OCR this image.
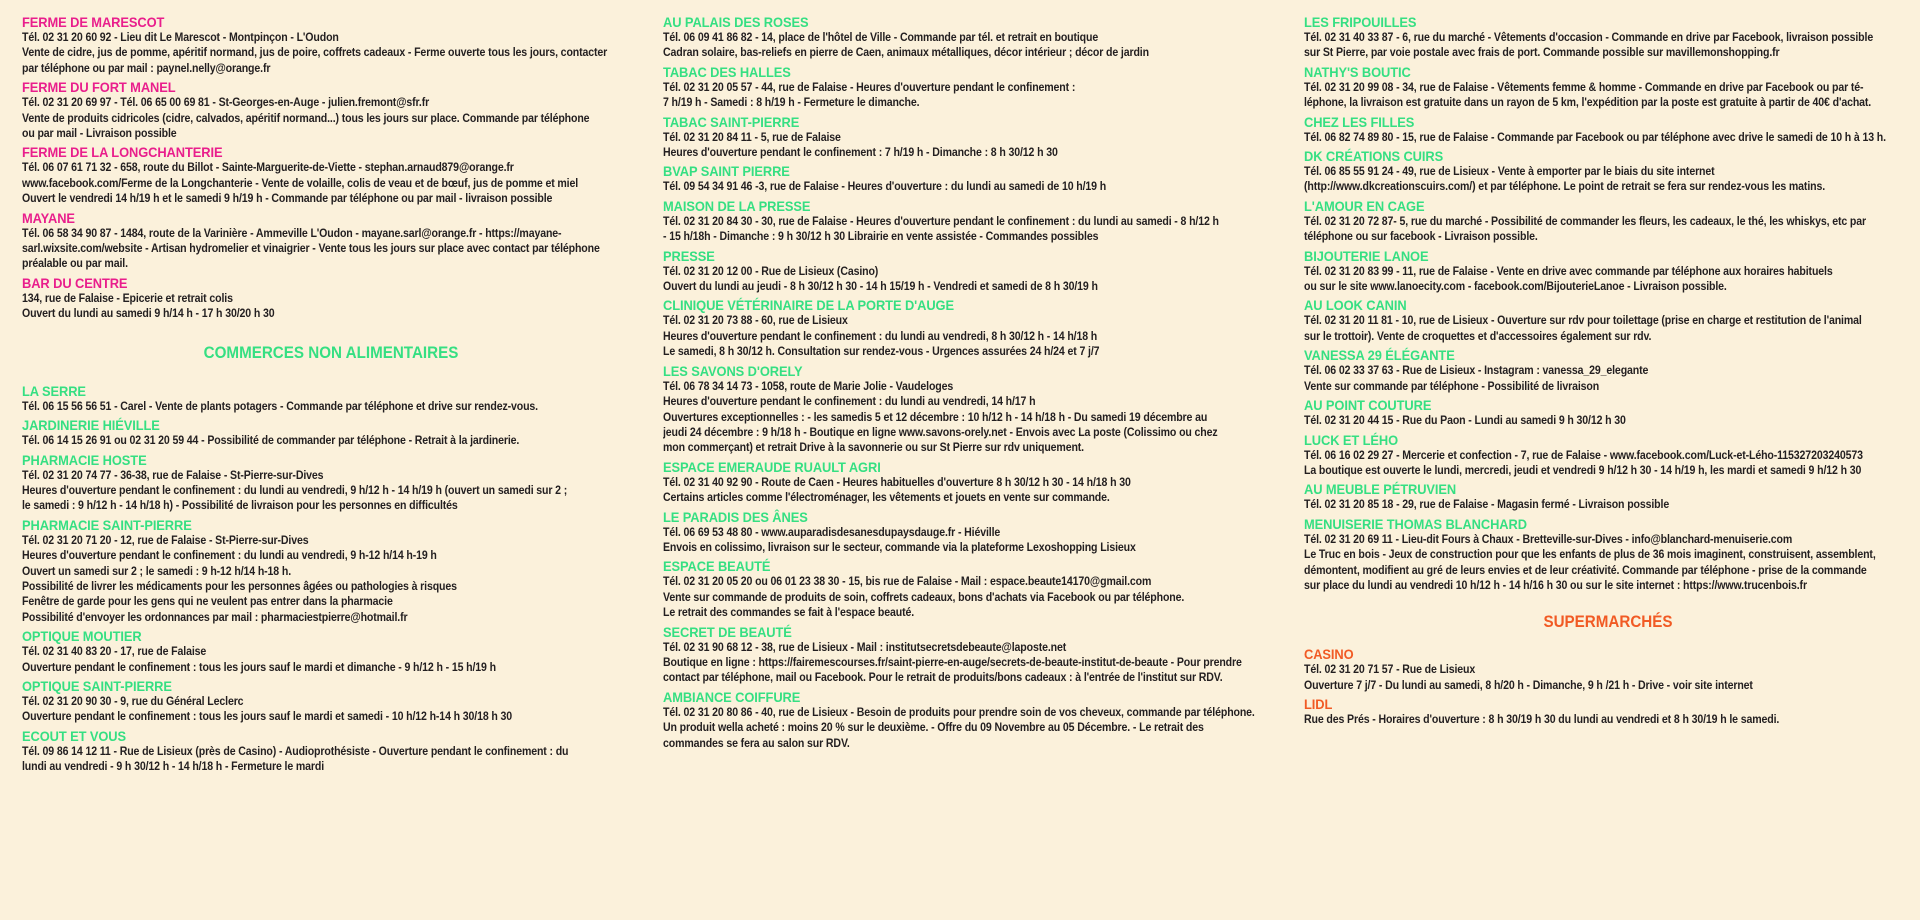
FERME DE MARESCOT
Tél. 02 31 20 60 92 - Lieu dit Le Marescot - Montpinçon - L'Oudon
Vente de cidre, jus de pomme, apéritif normand, jus de poire, coffrets cadeaux - Ferme ouverte tous les jours, contacter
par téléphone ou par mail : paynel.nelly@orange.fr
FERME DU FORT MANEL
Tél. 02 31 20 69 97 - Tél. 06 65 00 69 81 - St-Georges-en-Auge - julien.fremont@sfr.fr
Vente de produits cidricoles (cidre, calvados, apéritif normand...) tous les jours sur place. Commande par téléphone
ou par mail - Livraison possible
FERME DE LA LONGCHANTERIE
Tél. 06 07 61 71 32 - 658, route du Billot - Sainte-Marguerite-de-Viette - stephan.arnaud879@orange.fr
www.facebook.com/Ferme de la Longchanterie - Vente de volaille, colis de veau et de bœuf, jus de pomme et miel
Ouvert le vendredi 14 h/19 h et le samedi 9 h/19 h - Commande par téléphone ou par mail - livraison possible
MAYANE
Tél. 06 58 34 90 87 - 1484, route de la Varinière - Ammeville L'Oudon - mayane.sarl@orange.fr - https://mayane-
sarl.wixsite.com/website - Artisan hydromelier et vinaigrier - Vente tous les jours sur place avec contact par téléphone
préalable ou par mail.
BAR DU CENTRE
134, rue de Falaise - Epicerie et retrait colis
Ouvert du lundi au samedi 9 h/14 h - 17 h 30/20 h 30
COMMERCES NON ALIMENTAIRES
LA SERRE
Tél. 06 15 56 56 51 - Carel - Vente de plants potagers - Commande par téléphone et drive sur rendez-vous.
JARDINERIE HIÉVILLE
Tél. 06 14 15 26 91 ou 02 31 20 59 44 - Possibilité de commander par téléphone - Retrait à la jardinerie.
PHARMACIE HOSTE
Tél. 02 31 20 74 77 - 36-38, rue de Falaise - St-Pierre-sur-Dives
Heures d'ouverture pendant le confinement : du lundi au vendredi, 9 h/12 h - 14 h/19 h (ouvert un samedi sur 2 ;
le samedi : 9 h/12 h - 14 h/18 h) - Possibilité de livraison pour les personnes en difficultés
PHARMACIE SAINT-PIERRE
Tél. 02 31 20 71 20 - 12, rue de Falaise - St-Pierre-sur-Dives
Heures d'ouverture pendant le confinement : du lundi au vendredi, 9 h-12 h/14 h-19 h
Ouvert un samedi sur 2 ; le samedi : 9 h-12 h/14 h-18 h.
Possibilité de livrer les médicaments pour les personnes âgées ou pathologies à risques
Fenêtre de garde pour les gens qui ne veulent pas entrer dans la pharmacie
Possibilité d'envoyer les ordonnances par mail : pharmaciestpierre@hotmail.fr
OPTIQUE MOUTIER
Tél. 02 31 40 83 20 - 17, rue de Falaise
Ouverture pendant le confinement : tous les jours sauf le mardi et dimanche - 9 h/12 h - 15 h/19 h
OPTIQUE SAINT-PIERRE
Tél. 02 31 20 90 30 - 9, rue du Général Leclerc
Ouverture pendant le confinement : tous les jours sauf le mardi et samedi - 10 h/12 h-14 h 30/18 h 30
ECOUT ET VOUS
Tél. 09 86 14 12 11 - Rue de Lisieux (près de Casino) - Audioprothésiste - Ouverture pendant le confinement : du
lundi au vendredi - 9 h 30/12 h - 14 h/18 h - Fermeture le mardi
AU PALAIS DES ROSES
Tél. 06 09 41 86 82 - 14, place de l'hôtel de Ville - Commande par tél. et retrait en boutique
Cadran solaire, bas-reliefs en pierre de Caen, animaux métalliques, décor intérieur ; décor de jardin
TABAC DES HALLES
Tél. 02 31 20 05 57 - 44, rue de Falaise - Heures d'ouverture pendant le confinement :
7 h/19 h - Samedi : 8 h/19 h - Fermeture le dimanche.
TABAC SAINT-PIERRE
Tél. 02 31 20 84 11 - 5, rue de Falaise
Heures d'ouverture pendant le confinement : 7 h/19 h - Dimanche : 8 h 30/12 h 30
BVAP SAINT PIERRE
Tél. 09 54 34 91 46 -3, rue de Falaise - Heures d'ouverture : du lundi au samedi de 10 h/19 h
MAISON DE LA PRESSE
Tél. 02 31 20 84 30 - 30, rue de Falaise - Heures d'ouverture pendant le confinement : du lundi au samedi - 8 h/12 h
- 15 h/18h - Dimanche : 9 h 30/12 h 30 Librairie en vente assistée - Commandes possibles
PRESSE
Tél. 02 31 20 12 00 - Rue de Lisieux (Casino)
Ouvert du lundi au jeudi - 8 h 30/12 h 30 - 14 h 15/19 h - Vendredi et samedi de 8 h 30/19 h
CLINIQUE VÉTÉRINAIRE DE LA PORTE D'AUGE
Tél. 02 31 20 73 88 - 60, rue de Lisieux
Heures d'ouverture pendant le confinement : du lundi au vendredi, 8 h 30/12 h - 14 h/18 h
Le samedi, 8 h 30/12 h. Consultation sur rendez-vous - Urgences assurées 24 h/24 et 7 j/7
LES SAVONS D'ORELY
Tél. 06 78 34 14 73 - 1058, route de Marie Jolie - Vaudeloges
Heures d'ouverture pendant le confinement : du lundi au vendredi, 14 h/17 h
Ouvertures exceptionnelles : - les samedis 5 et 12 décembre : 10 h/12 h - 14 h/18 h - Du samedi 19 décembre au
jeudi 24 décembre : 9 h/18 h - Boutique en ligne www.savons-orely.net - Envois avec La poste (Colissimo ou chez
mon commerçant) et retrait Drive à la savonnerie ou sur St Pierre sur rdv uniquement.
ESPACE EMERAUDE RUAULT AGRI
Tél. 02 31 40 92 90 - Route de Caen - Heures habituelles d'ouverture 8 h 30/12 h 30 - 14 h/18 h 30
Certains articles comme l'électroménager, les vêtements et jouets en vente sur commande.
LE PARADIS DES ÂNES
Tél. 06 69 53 48 80 - www.auparadisdesanesdupaysdauge.fr - Hiéville
Envois en colissimo, livraison sur le secteur, commande via la plateforme Lexoshopping Lisieux
ESPACE BEAUTÉ
Tél. 02 31 20 05 20 ou 06 01 23 38 30 - 15, bis rue de Falaise - Mail : espace.beaute14170@gmail.com
Vente sur commande de produits de soin, coffrets cadeaux, bons d'achats via Facebook ou par téléphone.
Le retrait des commandes se fait à l'espace beauté.
SECRET DE BEAUTÉ
Tél. 02 31 90 68 12 - 38, rue de Lisieux - Mail : institutsecretsdebeaute@laposte.net
Boutique en ligne : https://fairemescourses.fr/saint-pierre-en-auge/secrets-de-beaute-institut-de-beaute - Pour prendre
contact par téléphone, mail ou Facebook. Pour le retrait de produits/bons cadeaux : à l'entrée de l'institut sur RDV.
AMBIANCE COIFFURE
Tél. 02 31 20 80 86 - 40, rue de Lisieux - Besoin de produits pour prendre soin de vos cheveux, commande par téléphone.
Un produit wella acheté : moins 20 % sur le deuxième. - Offre du 09 Novembre au 05 Décembre. - Le retrait des
commandes se fera au salon sur RDV.
LES FRIPOUILLES
Tél. 02 31 40 33 87 - 6, rue du marché - Vêtements d'occasion - Commande en drive par Facebook, livraison possible
sur St Pierre, par voie postale avec frais de port. Commande possible sur mavillemonshopping.fr
NATHY'S BOUTIC
Tél. 02 31 20 99 08 - 34, rue de Falaise - Vêtements femme & homme - Commande en drive par Facebook ou par té-
léphone, la livraison est gratuite dans un rayon de 5 km, l'expédition par la poste est gratuite à partir de 40€ d'achat.
CHEZ LES FILLES
Tél. 06 82 74 89 80 - 15, rue de Falaise - Commande par Facebook ou par téléphone avec drive le samedi de 10 h à 13 h.
DK CRÉATIONS CUIRS
Tél. 06 85 55 91 24 - 49, rue de Lisieux - Vente à emporter par le biais du site internet
(http://www.dkcreationscuirs.com/) et par téléphone. Le point de retrait se fera sur rendez-vous les matins.
L'AMOUR EN CAGE
Tél. 02 31 20 72 87- 5, rue du marché - Possibilité de commander les fleurs, les cadeaux, le thé, les whiskys, etc par
téléphone ou sur facebook - Livraison possible.
BIJOUTERIE LANOE
Tél. 02 31 20 83 99 - 11, rue de Falaise - Vente en drive avec commande par téléphone aux horaires habituels
ou sur le site www.lanoecity.com - facebook.com/BijouterieLanoe - Livraison possible.
AU LOOK CANIN
Tél. 02 31 20 11 81 - 10, rue de Lisieux - Ouverture sur rdv pour toilettage (prise en charge et restitution de l'animal
sur le trottoir). Vente de croquettes et d'accessoires également sur rdv.
VANESSA 29 ÉLÉGANTE
Tél. 06 02 33 37 63 - Rue de Lisieux - Instagram : vanessa_29_elegante
Vente sur commande par téléphone - Possibilité de livraison
AU POINT COUTURE
Tél. 02 31 20 44 15 - Rue du Paon - Lundi au samedi 9 h 30/12 h 30
LUCK ET LÉHO
Tél. 06 16 02 29 27 - Mercerie et confection - 7, rue de Falaise - www.facebook.com/Luck-et-Lého-115327203240573
La boutique est ouverte le lundi, mercredi, jeudi et vendredi 9 h/12 h 30 - 14 h/19 h, les mardi et samedi 9 h/12 h 30
AU MEUBLE PÉTRUVIEN
Tél. 02 31 20 85 18 - 29, rue de Falaise - Magasin fermé - Livraison possible
MENUISERIE THOMAS BLANCHARD
Tél. 02 31 20 69 11 - Lieu-dit Fours à Chaux - Bretteville-sur-Dives - info@blanchard-menuiserie.com
Le Truc en bois - Jeux de construction pour que les enfants de plus de 36 mois imaginent, construisent, assemblent,
démontent, modifient au gré de leurs envies et de leur créativité. Commande par téléphone - prise de la commande
sur place du lundi au vendredi 10 h/12 h - 14 h/16 h 30 ou sur le site internet : https://www.trucenbois.fr
SUPERMARCHÉS
CASINO
Tél. 02 31 20 71 57 - Rue de Lisieux
Ouverture 7 j/7 - Du lundi au samedi, 8 h/20 h - Dimanche, 9 h /21 h - Drive - voir site internet
LIDL
Rue des Prés - Horaires d'ouverture : 8 h 30/19 h 30 du lundi au vendredi et 8 h 30/19 h le samedi.
